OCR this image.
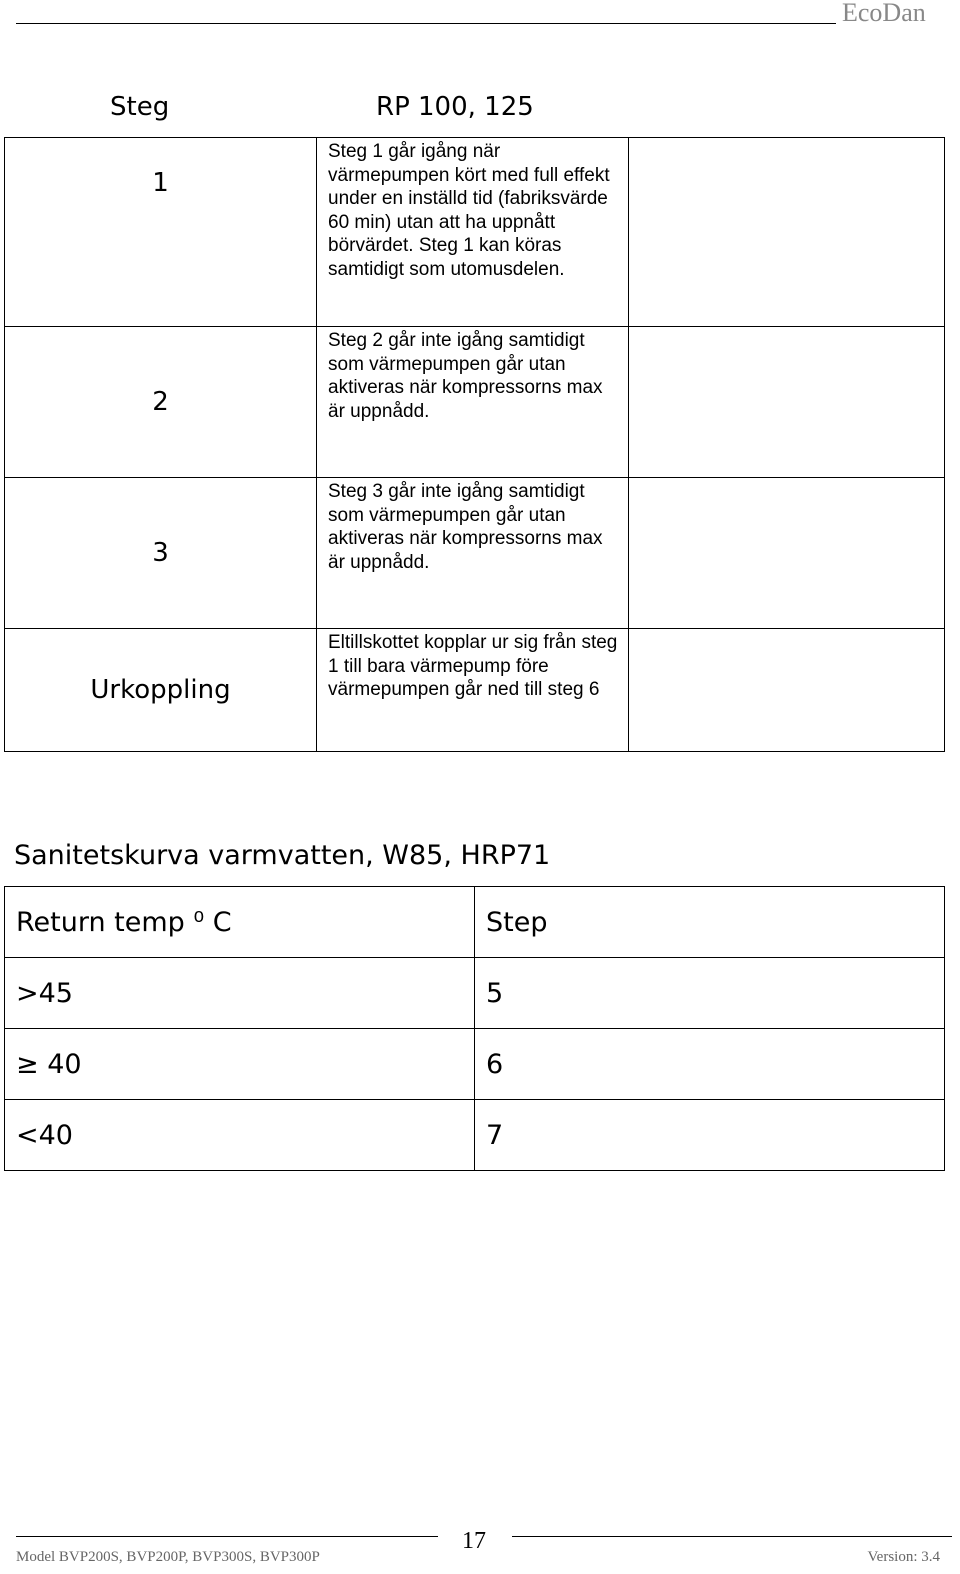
EcoDan
Steg	RP 100, 125
1	Steg 1 går igång när värmepumpen kört med full effekt under en inställd tid (fabriksvärde 60 min) utan att ha uppnått börvärdet. Steg 1 kan köras samtidigt som utomusdelen.	
2	Steg 2 går inte igång samtidigt som värmepumpen går utan aktiveras när kompressorns max är uppnådd.	
3	Steg 3 går inte igång samtidigt som värmepumpen går utan aktiveras när kompressorns max är uppnådd.	
Urkoppling	Eltillskottet kopplar ur sig från steg 1 till bara värmepump före värmepumpen går ned till steg 6	
Sanitetskurva varmvatten, W85, HRP71
Return temp ⁰ C	Step
>45	5
≥ 40	6
<40	7
17
Model BVP200S, BVP200P, BVP300S, BVP300P	Version: 3.4
